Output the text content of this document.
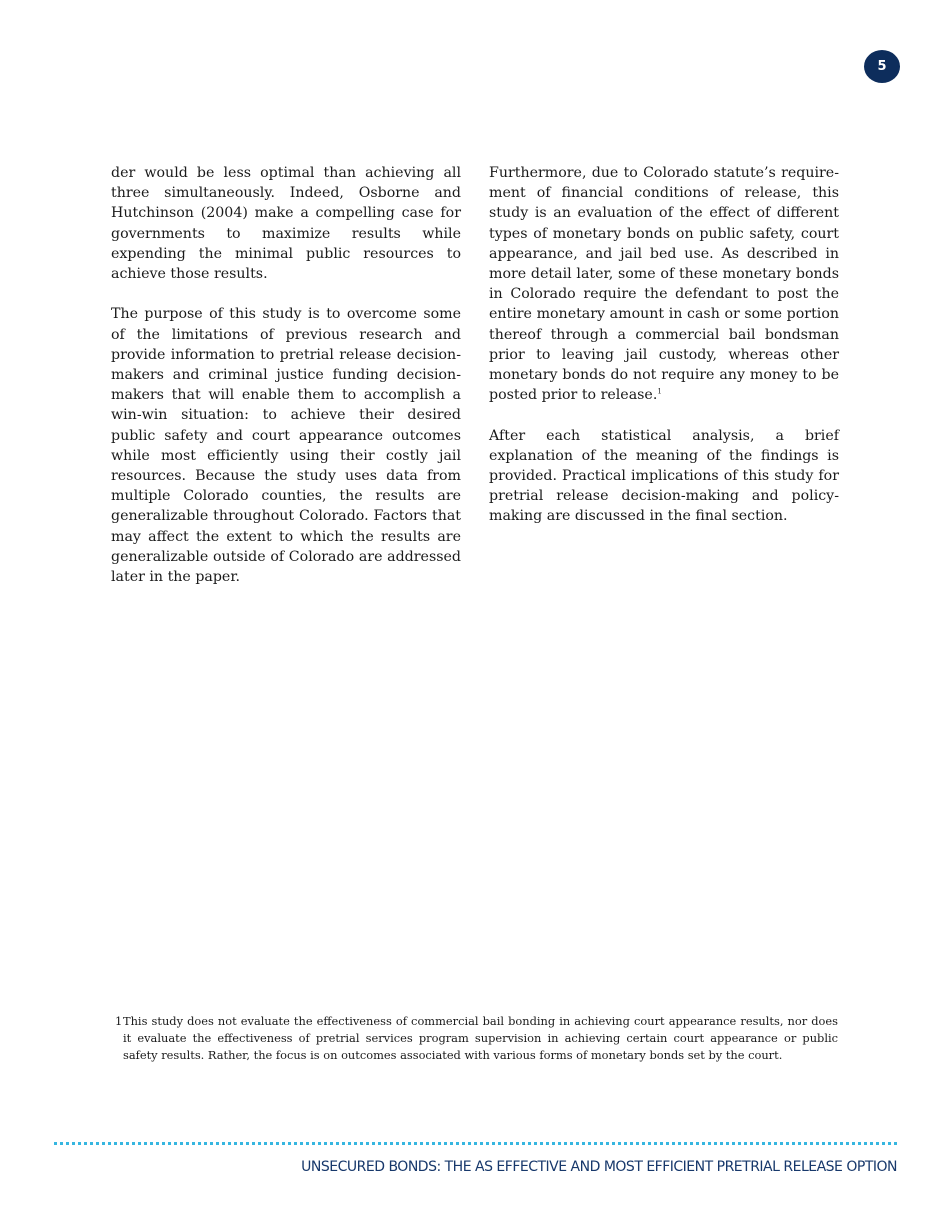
5

der would be less optimal than achieving all three simultaneously. Indeed, Osborne and Hutchinson (2004) make a compelling case for governments to maximize results while expending the minimal public resources to achieve those results.

The purpose of this study is to overcome some of the limitations of previous research and provide information to pretrial release decision-makers and criminal justice funding decision-makers that will enable them to accomplish a win-win situation: to achieve their desired public safety and court appearance outcomes while most efficiently using their costly jail resources. Because the study uses data from multiple Colorado counties, the results are generalizable throughout Colorado. Factors that may affect the extent to which the results are generalizable outside of Colorado are addressed later in the paper.

Furthermore, due to Colorado statute’s requirement of financial conditions of release, this study is an evaluation of the effect of different types of monetary bonds on public safety, court appearance, and jail bed use. As described in more detail later, some of these monetary bonds in Colorado require the defendant to post the entire monetary amount in cash or some portion thereof through a commercial bail bondsman prior to leaving jail custody, whereas other monetary bonds do not require any money to be posted prior to release.$^1$

After each statistical analysis, a brief explanation of the meaning of the findings is provided. Practical implications of this study for pretrial release decision-making and policy-making are discussed in the final section.

1 This study does not evaluate the effectiveness of commercial bail bonding in achieving court appearance results, nor does it evaluate the effectiveness of pretrial services program supervision in achieving certain court appearance or public safety results. Rather, the focus is on outcomes associated with various forms of monetary bonds set by the court.
UNSECURED BONDS: THE AS EFFECTIVE AND MOST EFFICIENT PRETRIAL RELEASE OPTION
